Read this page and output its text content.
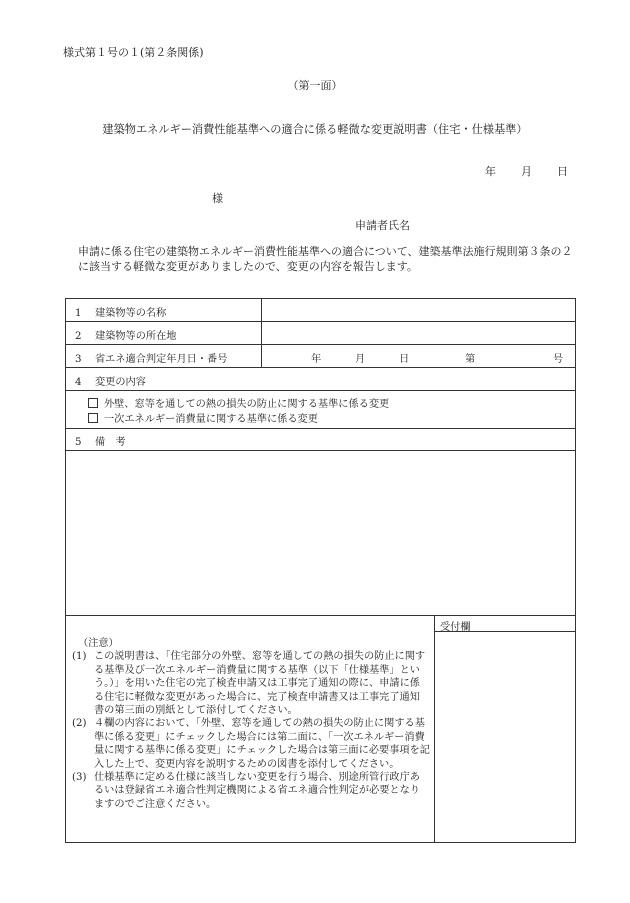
様式第１号の１(第２条関係)
（第一面）
建築物エネルギー消費性能基準への適合に係る軽微な変更説明書（住宅・仕様基準）
年 月 日
様
申請者氏名
申請に係る住宅の建築物エネルギー消費性能基準への適合について、建築基準法施行規則第３条の２に該当する軽微な変更がありましたので、変更の内容を報告します。
1 建築物等の名称
2 建築物等の所在地
3 省エネ適合判定年月日・番号	年	月	日	第	号
4 変更の内容
外壁、窓等を通しての熱の損失の防止に関する基準に係る変更
一次エネルギー消費量に関する基準に係る変更
5 備　考
受付欄
（注意）
(1) この説明書は、「住宅部分の外壁、窓等を通しての熱の損失の防止に関する基準及び一次エネルギー消費量に関する基準（以下「仕様基準」という。）」を用いた住宅の完了検査申請又は工事完了通知の際に、申請に係る住宅に軽微な変更があった場合に、完了検査申請書又は工事完了通知書の第三面の別紙として添付してください。
(2) ４欄の内容において、「外壁、窓等を通しての熱の損失の防止に関する基準に係る変更」にチェックした場合には第二面に、「一次エネルギー消費量に関する基準に係る変更」にチェックした場合は第三面に必要事項を記入した上で、変更内容を説明するための図書を添付してください。
(3) 仕様基準に定める仕様に該当しない変更を行う場合、別途所管行政庁あるいは登録省エネ適合性判定機関による省エネ適合性判定が必要となりますのでご注意ください。
